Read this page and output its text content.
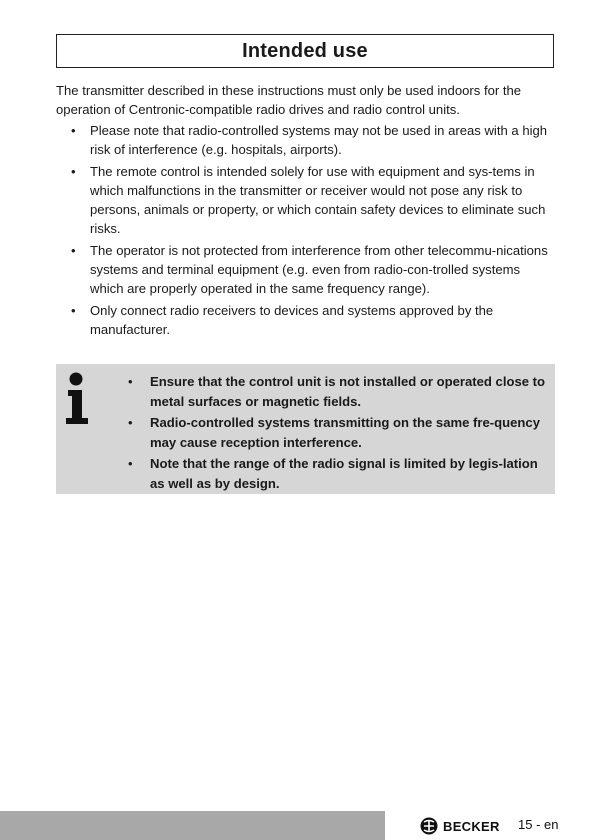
Intended use

The transmitter described in these instructions must only be used indoors for the operation of Centronic-compatible radio drives and radio control units.

• Please note that radio-controlled systems may not be used in areas with a high risk of interference (e.g. hospitals, airports).
• The remote control is intended solely for use with equipment and sys-tems in which malfunctions in the transmitter or receiver would not pose any risk to persons, animals or property, or which contain safety devices to eliminate such risks.
• The operator is not protected from interference from other telecommu-nications systems and terminal equipment (e.g. even from radio-con-trolled systems which are properly operated in the same frequency range).
• Only connect radio receivers to devices and systems approved by the manufacturer.
• Ensure that the control unit is not installed or operated close to metal surfaces or magnetic fields.
• Radio-controlled systems transmitting on the same fre-quency may cause reception interference.
• Note that the range of the radio signal is limited by legis-lation as well as by design.
BECKER 15 - en
